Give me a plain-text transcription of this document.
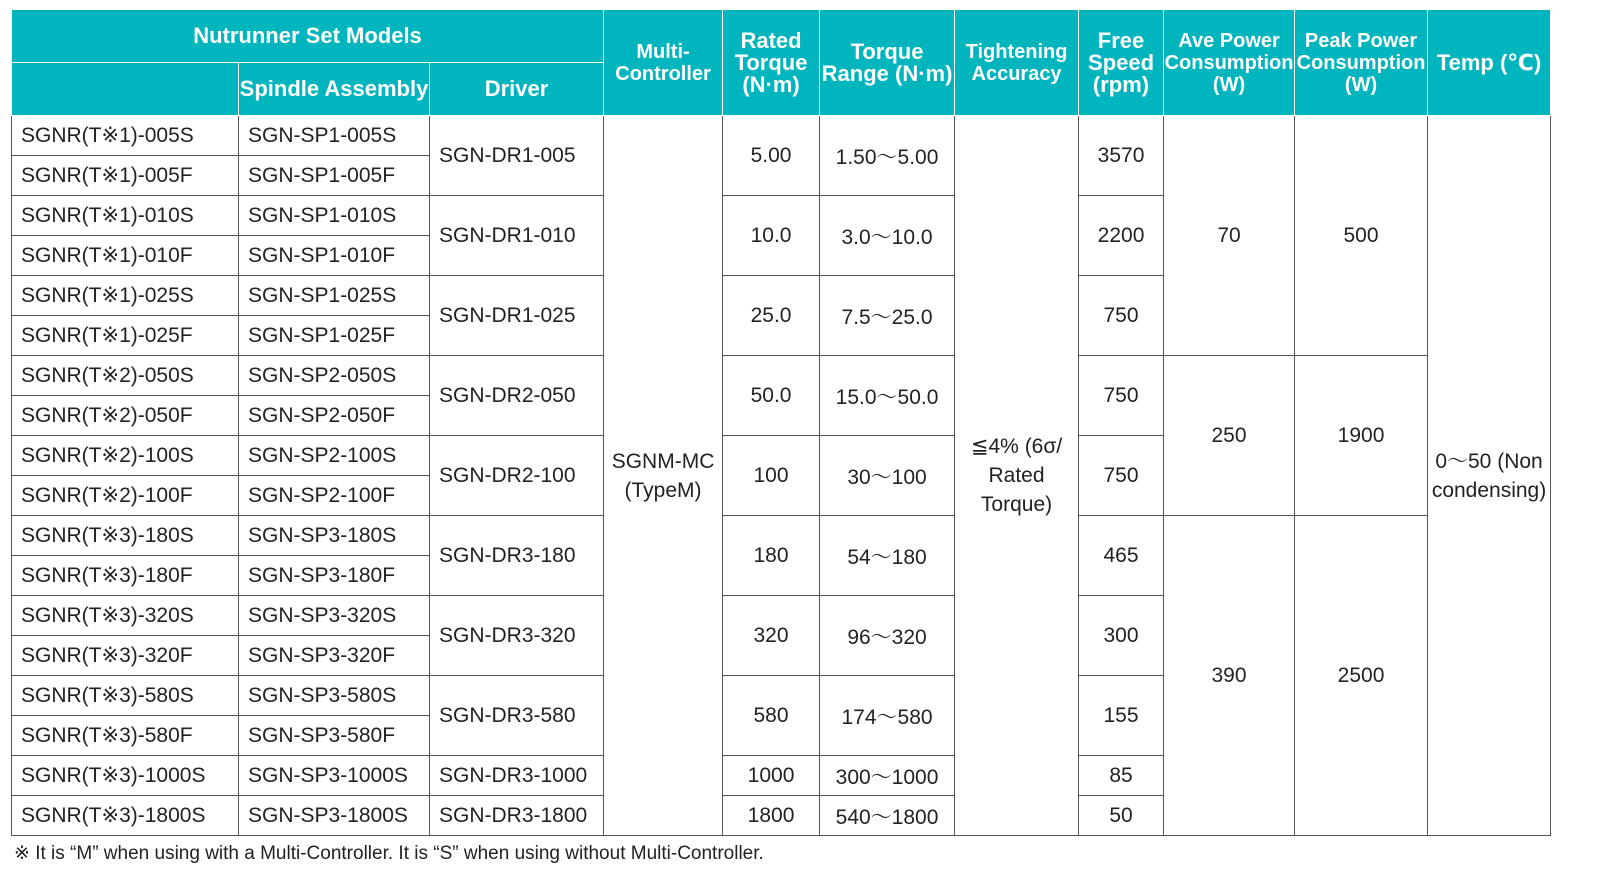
Nutrunner Set Models			Multi-Controller	Rated Torque (N·m)	Torque Range (N·m)	Tightening Accuracy	Free Speed (rpm)	Ave Power Consumption (W)	Peak Power Consumption (W)	Temp (℃)
	Spindle Assembly	Driver								
SGNR(T※1)-005S	SGN-SP1-005S	SGN-DR1-005	SGNM-MC (TypeM)	5.00	1.50～5.00	≦4% (6σ/ Rated Torque)	3570	70	500	0～50 (Non condensing)
SGNR(T※1)-005F	SGN-SP1-005F									
SGNR(T※1)-010S	SGN-SP1-010S	SGN-DR1-010		10.0	3.0～10.0		2200			
SGNR(T※1)-010F	SGN-SP1-010F									
SGNR(T※1)-025S	SGN-SP1-025S	SGN-DR1-025		25.0	7.5～25.0		750			
SGNR(T※1)-025F	SGN-SP1-025F									
SGNR(T※2)-050S	SGN-SP2-050S	SGN-DR2-050		50.0	15.0～50.0		750	250	1900	
SGNR(T※2)-050F	SGN-SP2-050F									
SGNR(T※2)-100S	SGN-SP2-100S	SGN-DR2-100		100	30～100		750			
SGNR(T※2)-100F	SGN-SP2-100F									
SGNR(T※3)-180S	SGN-SP3-180S	SGN-DR3-180		180	54～180		465	390	2500	
SGNR(T※3)-180F	SGN-SP3-180F									
SGNR(T※3)-320S	SGN-SP3-320S	SGN-DR3-320		320	96～320		300			
SGNR(T※3)-320F	SGN-SP3-320F									
SGNR(T※3)-580S	SGN-SP3-580S	SGN-DR3-580		580	174～580		155			
SGNR(T※3)-580F	SGN-SP3-580F									
SGNR(T※3)-1000S	SGN-SP3-1000S	SGN-DR3-1000		1000	300～1000		85			
SGNR(T※3)-1800S	SGN-SP3-1800S	SGN-DR3-1800		1800	540～1800		50			
※ It is “M” when using with a Multi-Controller. It is “S” when using without Multi-Controller.
